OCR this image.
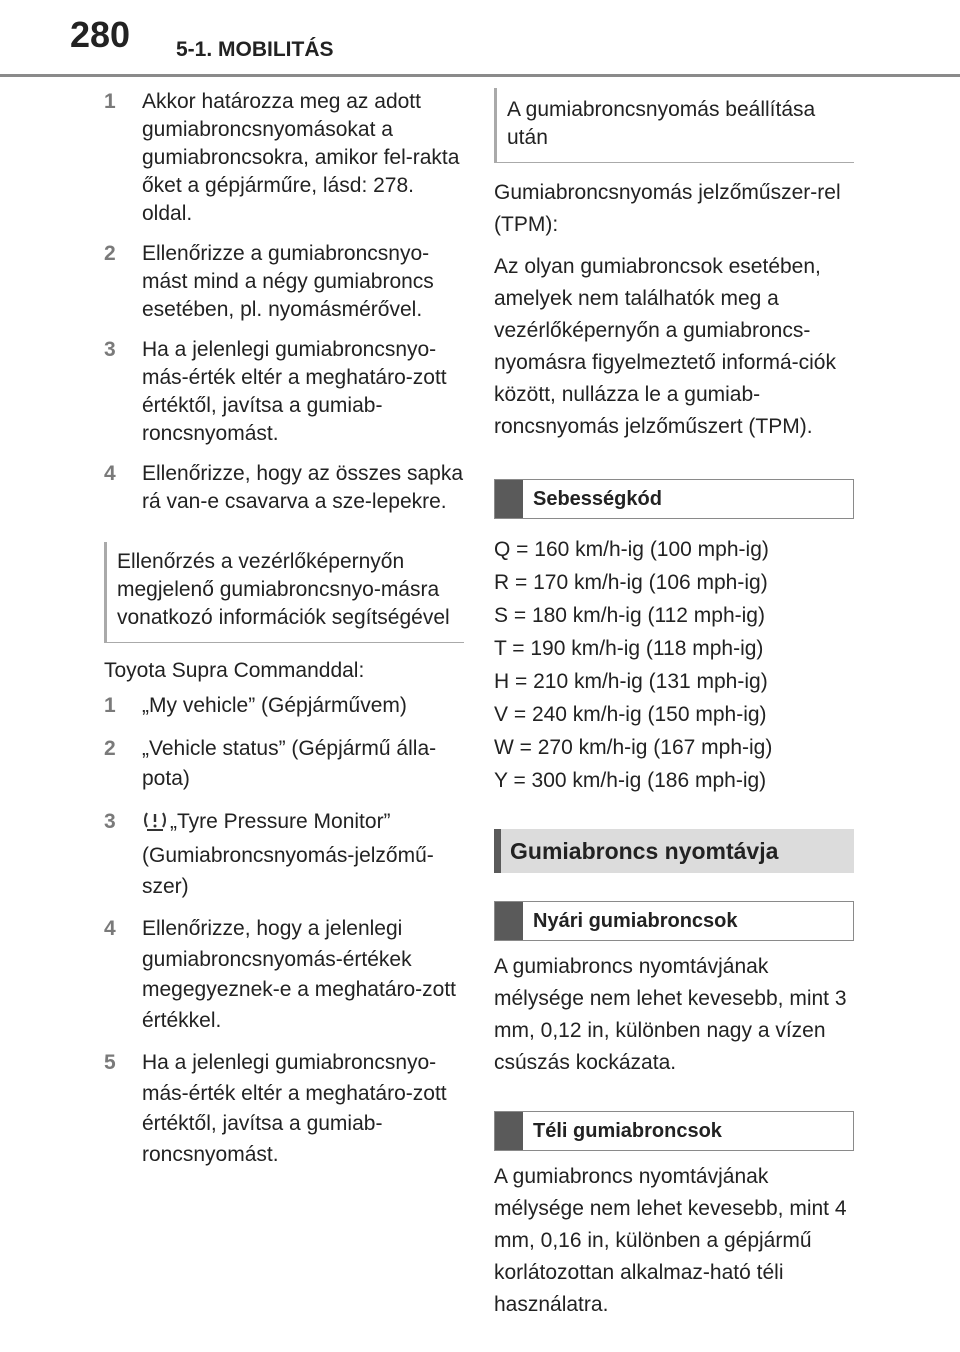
280 5-1. MOBILITÁS
1 Akkor határozza meg az adott gumiabroncsnyomásokat a gumiabroncsokra, amikor fel-rakta őket a gépjárműre, lásd: 278. oldal.
2 Ellenőrizze a gumiabroncsnyo-mást mind a négy gumiabroncs esetében, pl. nyomásmérővel.
3 Ha a jelenlegi gumiabroncsnyo-más-érték eltér a meghatáro-zott értéktől, javítsa a gumiab-roncsnyomást.
4 Ellenőrizze, hogy az összes sapka rá van-e csavarva a sze-lepekre.
Ellenőrzés a vezérlőképernyőn megjelenő gumiabroncsnyo-másra vonatkozó információk segítségével
Toyota Supra Commanddal:
1 „My vehicle” (Gépjárművem)
2 „Vehicle status” (Gépjármű álla-pota)
3	„Tyre Pressure Monitor” (Gumiabroncsnyomás-jelzőmű-szer)
4 Ellenőrizze, hogy a jelenlegi gumiabroncsnyomás-értékek megegyeznek-e a meghatáro-zott értékkel.
5 Ha a jelenlegi gumiabroncsnyo-más-érték eltér a meghatáro-zott értéktől, javítsa a gumiab-roncsnyomást.
A gumiabroncsnyomás beállítása után
Gumiabroncsnyomás jelzőműszer-rel (TPM):
Az olyan gumiabroncsok esetében, amelyek nem találhatók meg a vezérlőképernyőn a gumiabroncs-nyomásra figyelmeztető informá-ciók között, nullázza le a gumiab-roncsnyomás jelzőműszert (TPM).
Sebességkód
Q = 160 km/h-ig (100 mph-ig)
R = 170 km/h-ig (106 mph-ig)
S = 180 km/h-ig (112 mph-ig)
T = 190 km/h-ig (118 mph-ig)
H = 210 km/h-ig (131 mph-ig)
V = 240 km/h-ig (150 mph-ig)
W = 270 km/h-ig (167 mph-ig)
Y = 300 km/h-ig (186 mph-ig)
Gumiabroncs nyomtávja
Nyári gumiabroncsok
A gumiabroncs nyomtávjának mélysége nem lehet kevesebb, mint 3 mm, 0,12 in, különben nagy a vízen csúszás kockázata.
Téli gumiabroncsok
A gumiabroncs nyomtávjának mélysége nem lehet kevesebb, mint 4 mm, 0,16 in, különben a gépjármű korlátozottan alkalmaz-ható téli használatra.
